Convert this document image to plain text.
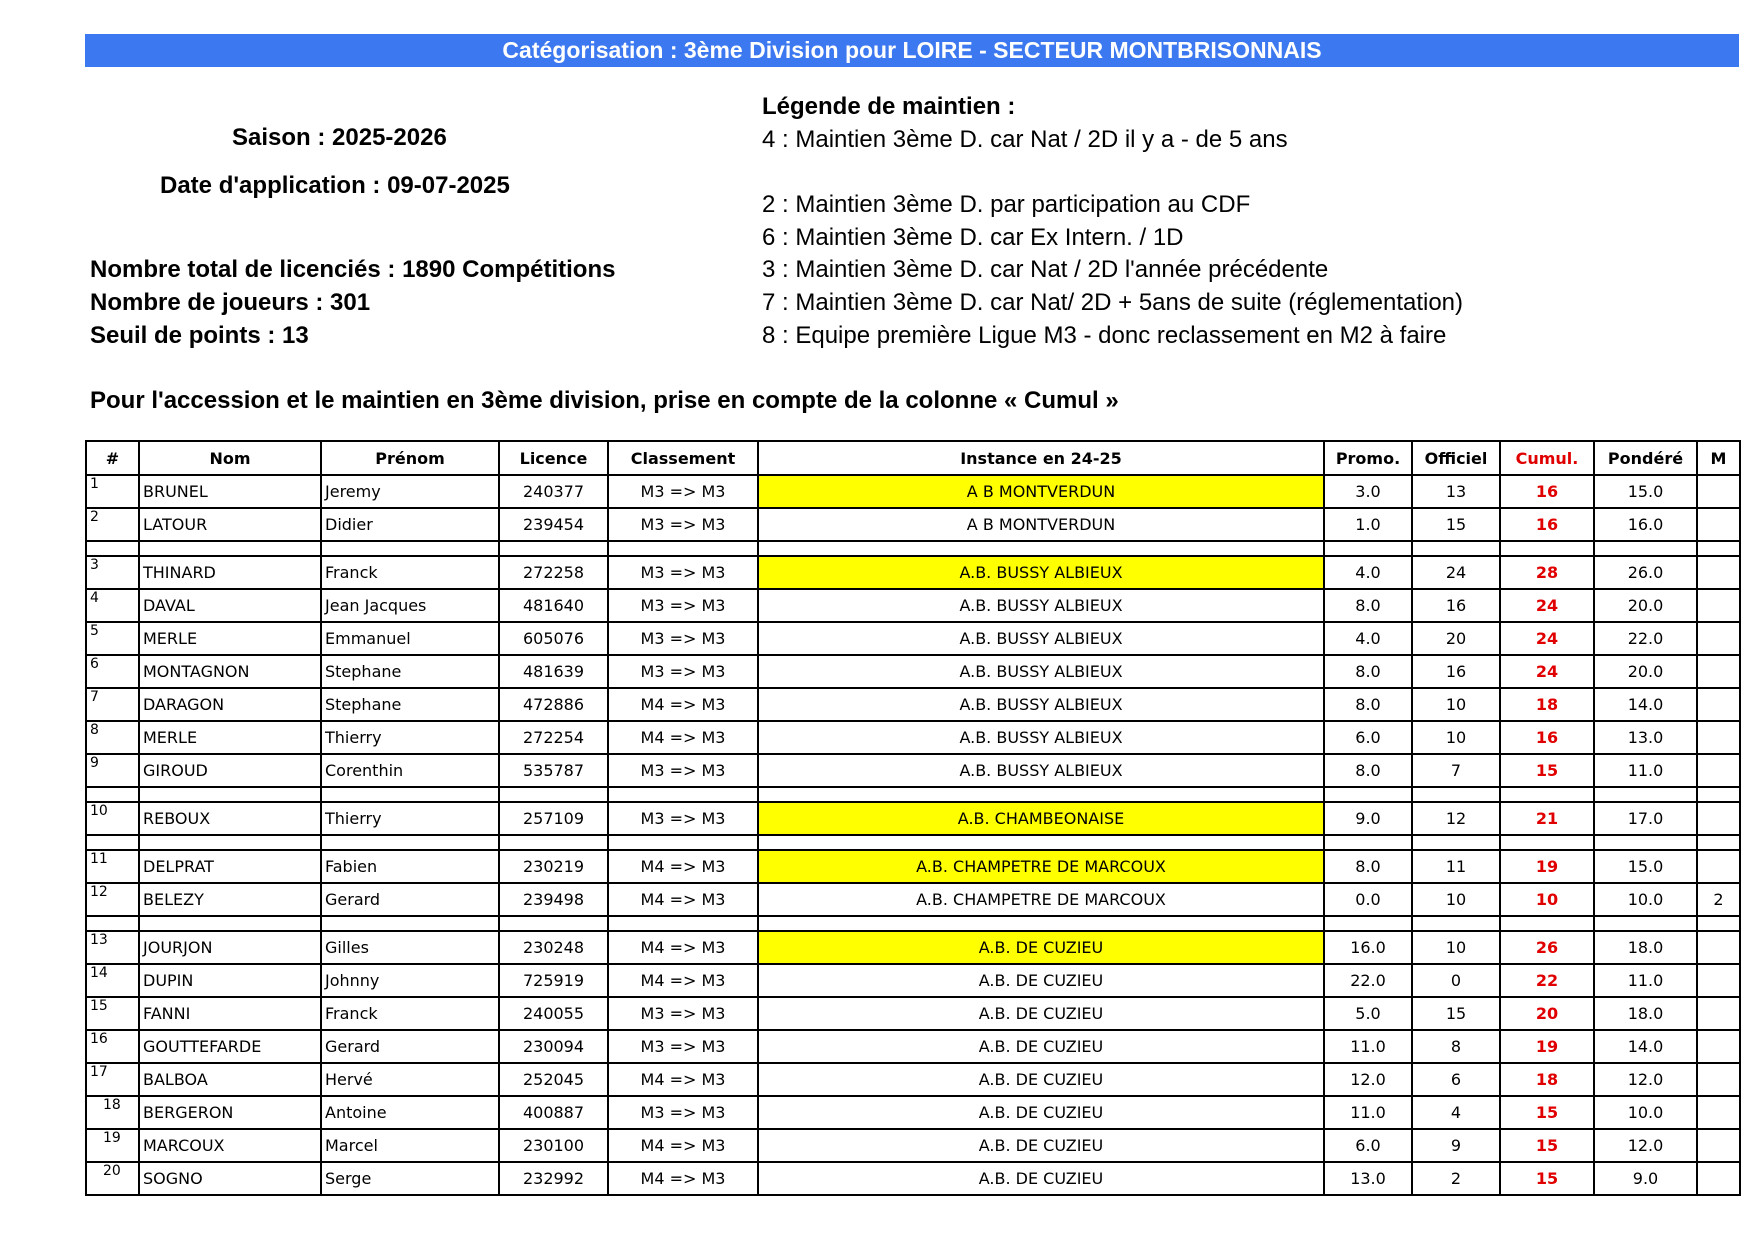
Catégorisation : 3ème Division pour LOIRE - SECTEUR MONTBRISONNAIS
Saison : 2025-2026
Date d'application : 09-07-2025
Nombre total de licenciés : 1890 Compétitions
Nombre de joueurs : 301
Seuil de points : 13
Pour l'accession et le maintien en 3ème division, prise en compte de la colonne « Cumul »
Légende de maintien :
4 : Maintien 3ème D. car Nat / 2D il y a - de 5 ans
2 : Maintien 3ème D. par participation au CDF
6 : Maintien 3ème D. car Ex Intern. / 1D
3 : Maintien 3ème D. car Nat / 2D l'année précédente
7 : Maintien 3ème D. car Nat/ 2D + 5ans de suite (réglementation)
8 : Equipe première Ligue M3 - donc reclassement en M2 à faire
#	Nom	Prénom	Licence	Classement	Instance en 24-25	Promo.	Officiel	Cumul.	Pondéré	M
1	BRUNEL	Jeremy	240377	M3 => M3	A B MONTVERDUN	3.0	13	16	15.0	
2	LATOUR	Didier	239454	M3 => M3	A B MONTVERDUN	1.0	15	16	16.0	

3	THINARD	Franck	272258	M3 => M3	A.B. BUSSY ALBIEUX	4.0	24	28	26.0	
4	DAVAL	Jean Jacques	481640	M3 => M3	A.B. BUSSY ALBIEUX	8.0	16	24	20.0	
5	MERLE	Emmanuel	605076	M3 => M3	A.B. BUSSY ALBIEUX	4.0	20	24	22.0	
6	MONTAGNON	Stephane	481639	M3 => M3	A.B. BUSSY ALBIEUX	8.0	16	24	20.0	
7	DARAGON	Stephane	472886	M4 => M3	A.B. BUSSY ALBIEUX	8.0	10	18	14.0	
8	MERLE	Thierry	272254	M4 => M3	A.B. BUSSY ALBIEUX	6.0	10	16	13.0	
9	GIROUD	Corenthin	535787	M3 => M3	A.B. BUSSY ALBIEUX	8.0	7	15	11.0	

10	REBOUX	Thierry	257109	M3 => M3	A.B. CHAMBEONAISE	9.0	12	21	17.0	

11	DELPRAT	Fabien	230219	M4 => M3	A.B. CHAMPETRE DE MARCOUX	8.0	11	19	15.0	
12	BELEZY	Gerard	239498	M4 => M3	A.B. CHAMPETRE DE MARCOUX	0.0	10	10	10.0	2

13	JOURJON	Gilles	230248	M4 => M3	A.B. DE CUZIEU	16.0	10	26	18.0	
14	DUPIN	Johnny	725919	M4 => M3	A.B. DE CUZIEU	22.0	0	22	11.0	
15	FANNI	Franck	240055	M3 => M3	A.B. DE CUZIEU	5.0	15	20	18.0	
16	GOUTTEFARDE	Gerard	230094	M3 => M3	A.B. DE CUZIEU	11.0	8	19	14.0	
17	BALBOA	Hervé	252045	M4 => M3	A.B. DE CUZIEU	12.0	6	18	12.0	
18	BERGERON	Antoine	400887	M3 => M3	A.B. DE CUZIEU	11.0	4	15	10.0	
19	MARCOUX	Marcel	230100	M4 => M3	A.B. DE CUZIEU	6.0	9	15	12.0	
20	SOGNO	Serge	232992	M4 => M3	A.B. DE CUZIEU	13.0	2	15	9.0	
